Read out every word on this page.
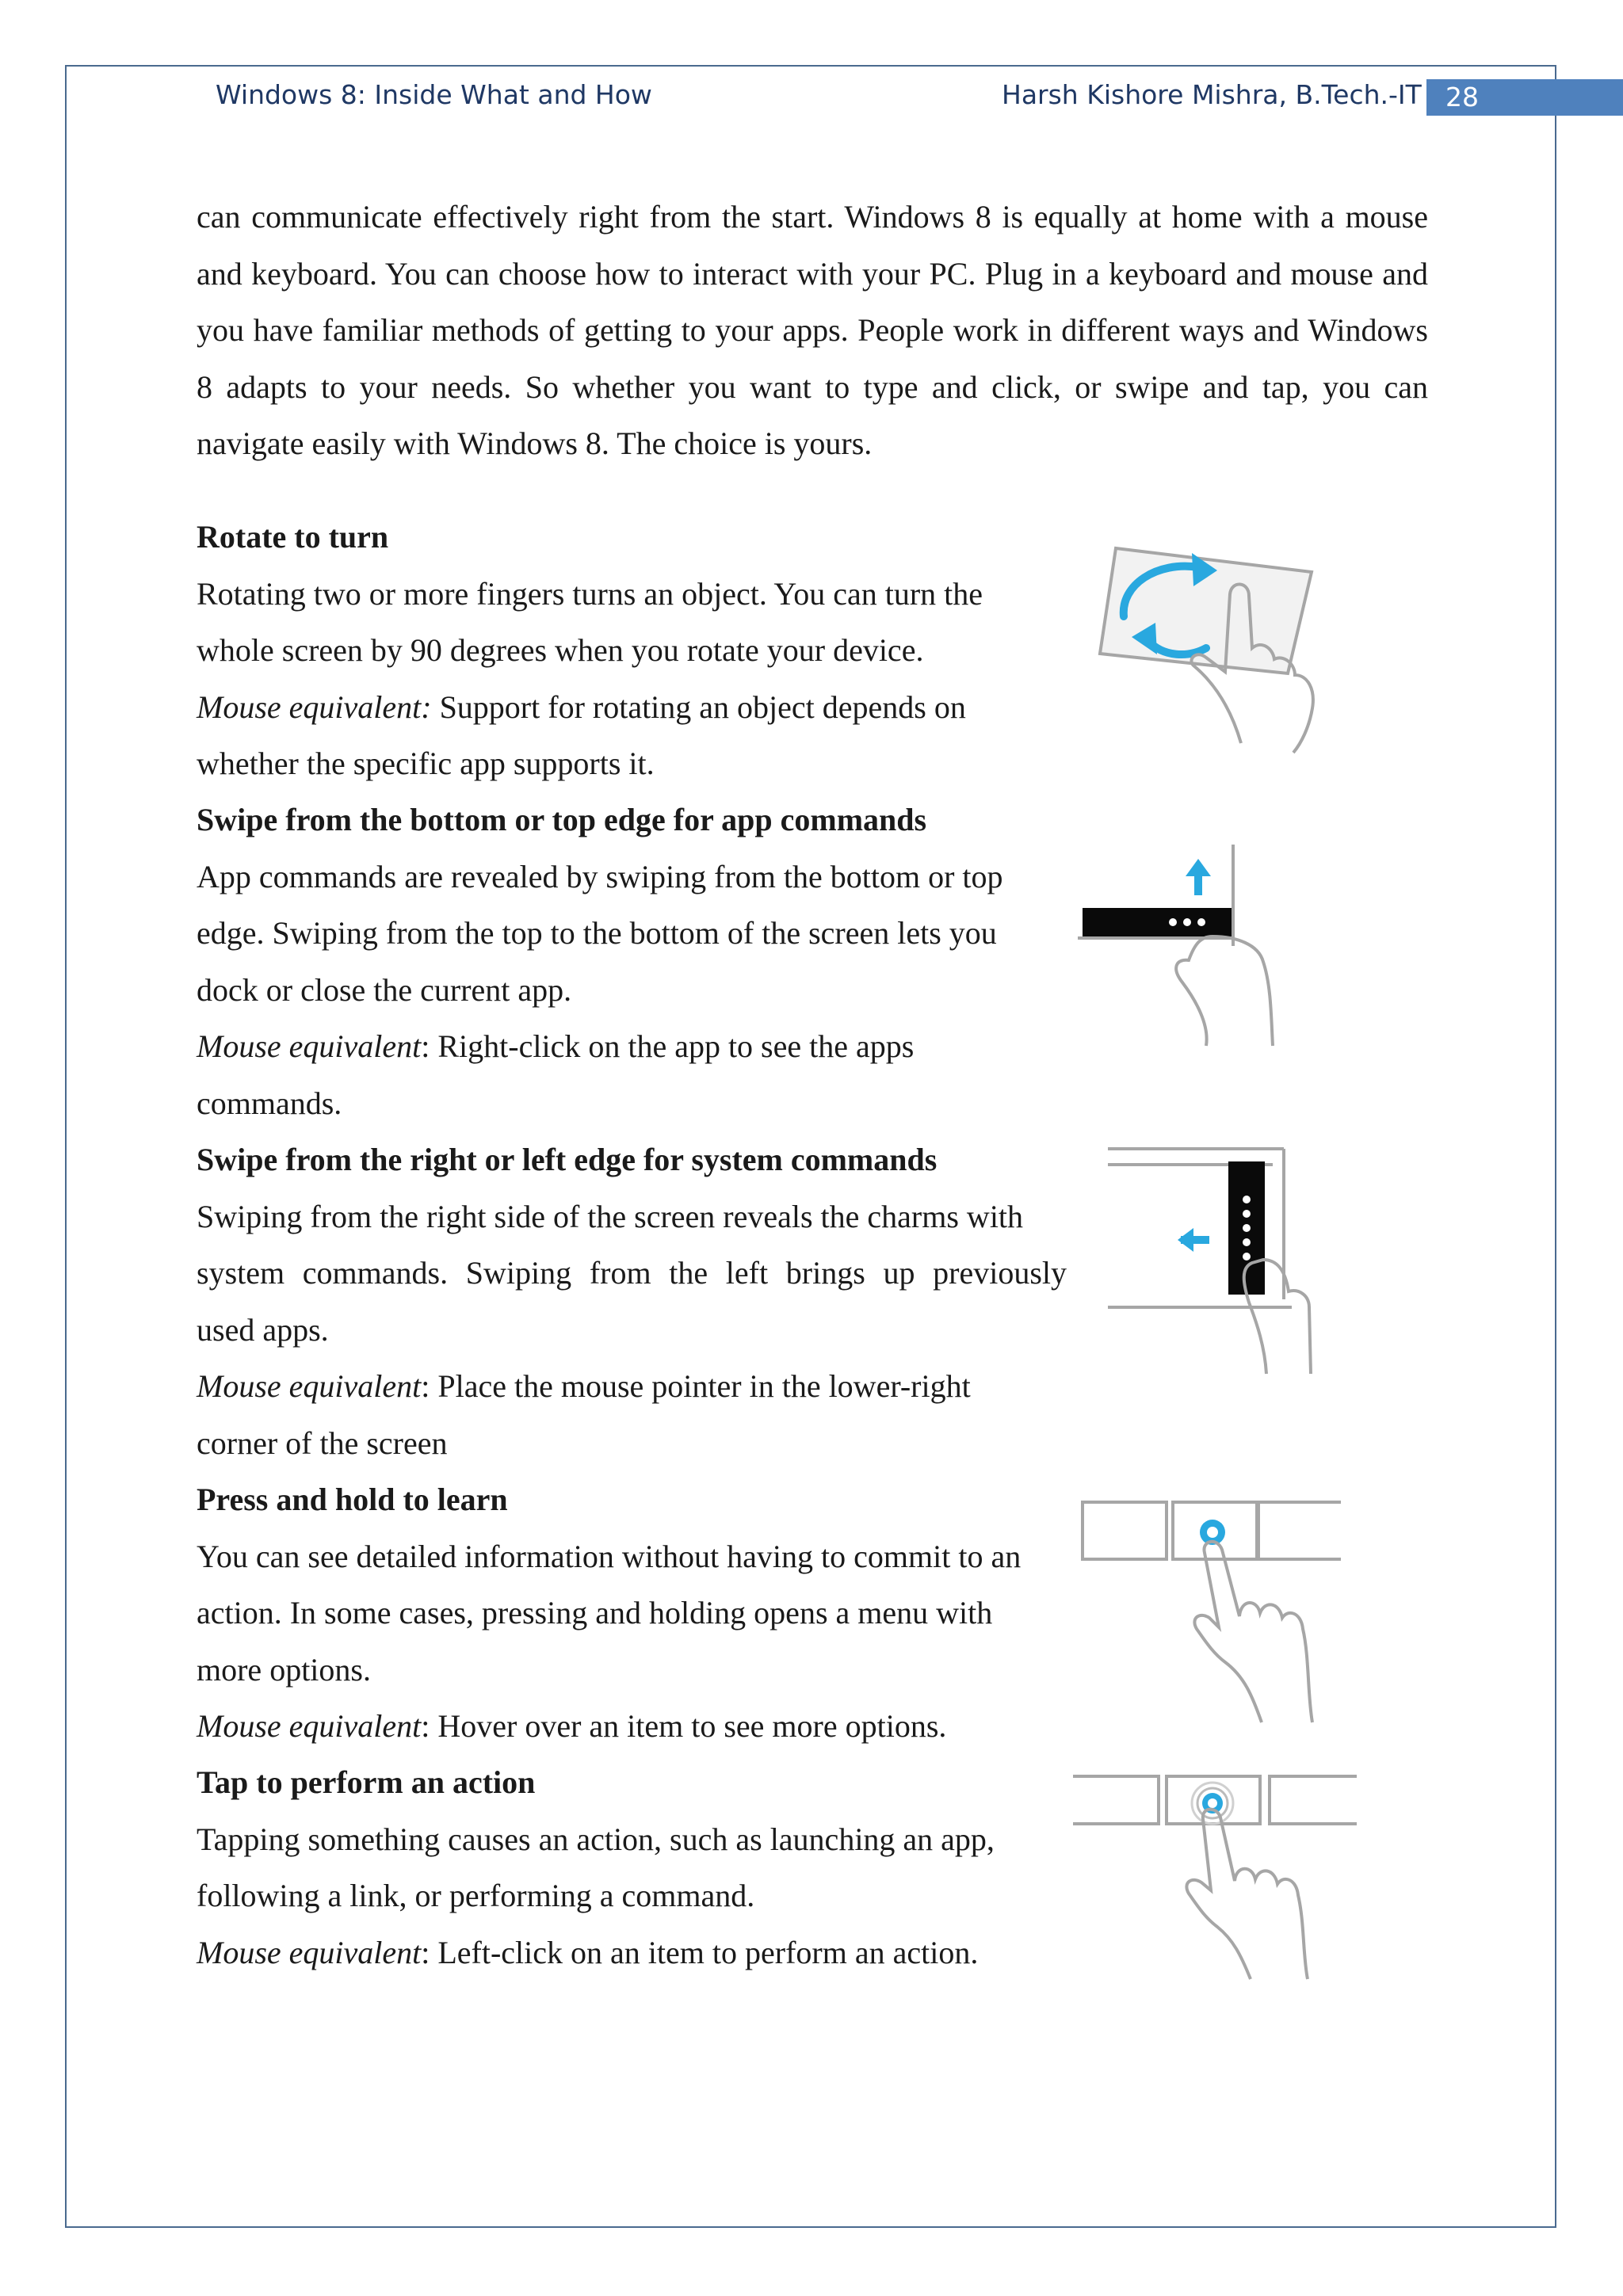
Windows 8: Inside What and How	Harsh Kishore Mishra, B.Tech.-IT 28

can communicate effectively right from the start. Windows 8 is equally at home with a mouse and keyboard. You can choose how to interact with your PC. Plug in a keyboard and mouse and you have familiar methods of getting to your apps. People work in different ways and Windows 8 adapts to your needs. So whether you want to type and click, or swipe and tap, you can navigate easily with Windows 8. The choice is yours.

Rotate to turn
Rotating two or more fingers turns an object. You can turn the
whole screen by 90 degrees when you rotate your device.
Mouse equivalent: Support for rotating an object depends on
whether the specific app supports it.
Swipe from the bottom or top edge for app commands
App commands are revealed by swiping from the bottom or top
edge. Swiping from the top to the bottom of the screen lets you
dock or close the current app.
Mouse equivalent: Right-click on the app to see the apps
commands.
Swipe from the right or left edge for system commands
Swiping from the right side of the screen reveals the charms with
system commands. Swiping from the left brings up previously
used apps.
Mouse equivalent: Place the mouse pointer in the lower-right
corner of the screen
Press and hold to learn
You can see detailed information without having to commit to an
action. In some cases, pressing and holding opens a menu with
more options.
Mouse equivalent: Hover over an item to see more options.
Tap to perform an action
Tapping something causes an action, such as launching an app,
following a link, or performing a command.
Mouse equivalent: Left-click on an item to perform an action.
